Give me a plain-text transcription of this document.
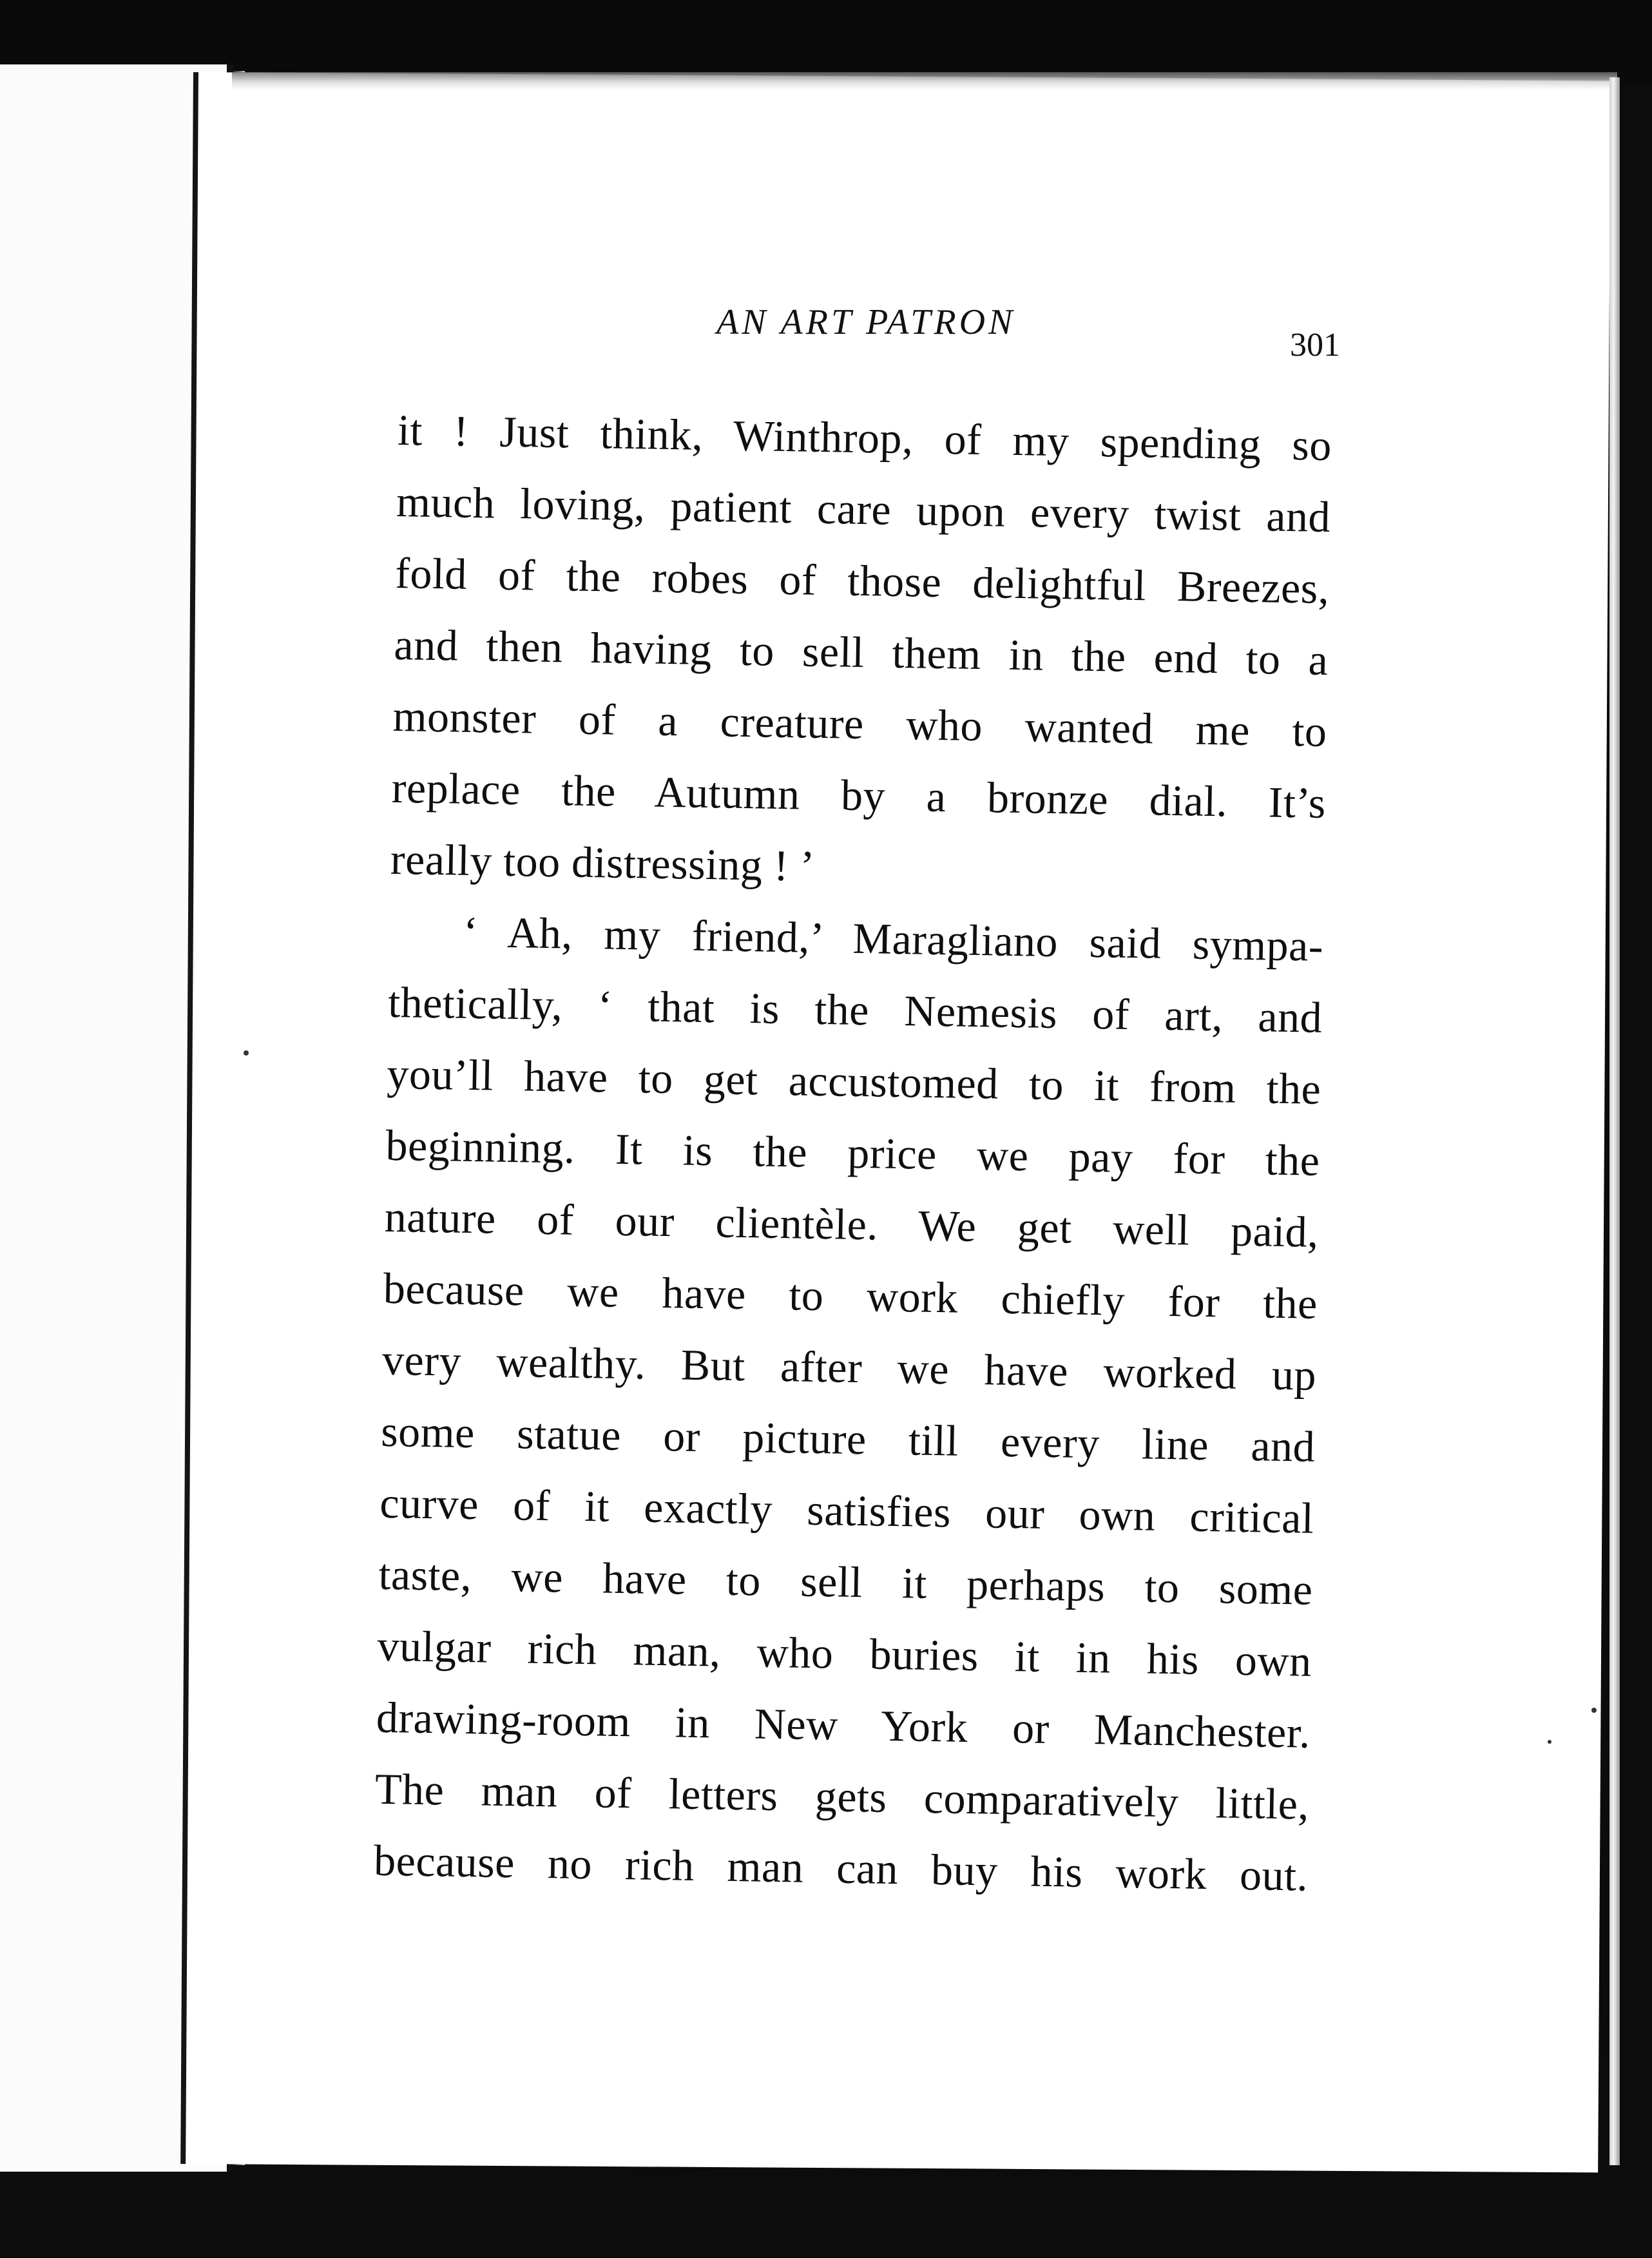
AN ART PATRON
301
it ! Just think, Winthrop, of my spending so
much loving, patient care upon every twist and
fold of the robes of those delightful Breezes,
and then having to sell them in the end to a
monster of a creature who wanted me to
replace the Autumn by a bronze dial. It’s
really too distressing ! ’
‘ Ah, my friend,’ Maragliano said sympa-
thetically, ‘ that is the Nemesis of art, and
you’ll have to get accustomed to it from the
beginning. It is the price we pay for the
nature of our clientèle. We get well paid,
because we have to work chiefly for the
very wealthy. But after we have worked up
some statue or picture till every line and
curve of it exactly satisfies our own critical
taste, we have to sell it perhaps to some
vulgar rich man, who buries it in his own
drawing-room in New York or Manchester.
The man of letters gets comparatively little,
because no rich man can buy his work out.
